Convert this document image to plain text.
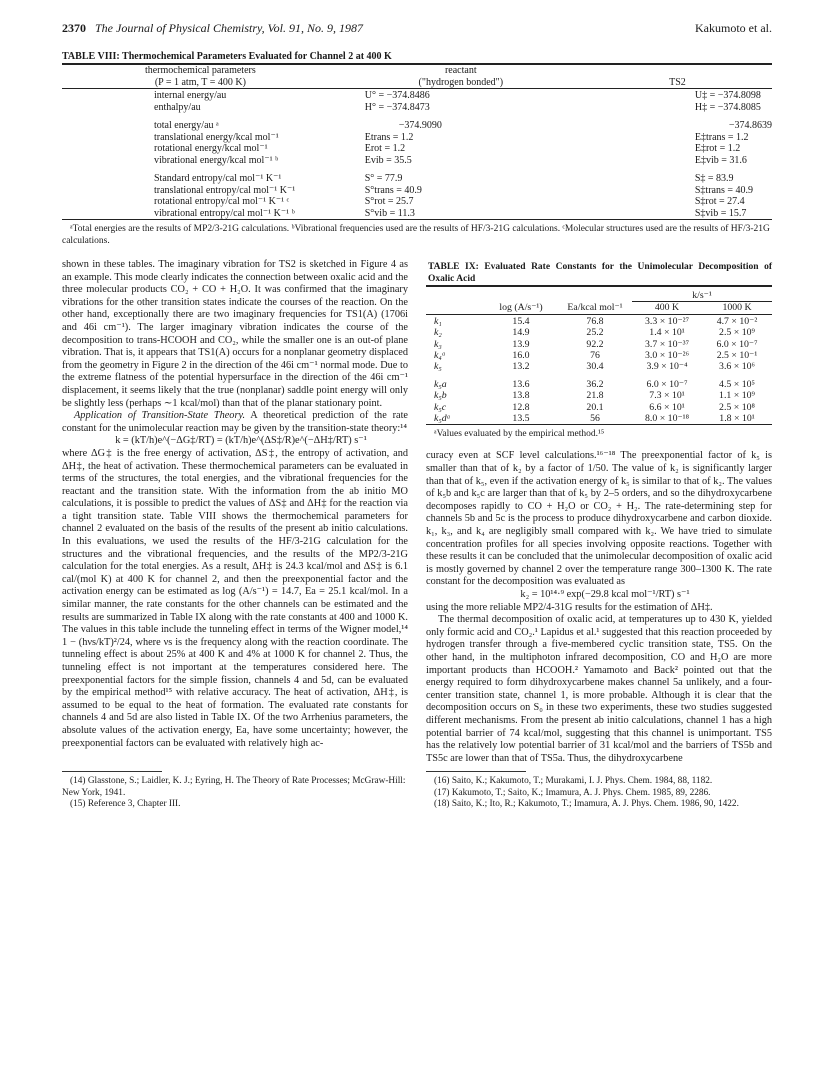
2370 The Journal of Physical Chemistry, Vol. 91, No. 9, 1987	Kakumoto et al.
TABLE VIII: Thermochemical Parameters Evaluated for Channel 2 at 400 K
thermochemical parameters	reactant	
(P = 1 atm, T = 400 K)	("hydrogen bonded")	TS2

internal energy/au	U° = −374.8486	U‡ = −374.8098
enthalpy/au	H° = −374.8473	H‡ = −374.8085

total energy/au ᵃ	−374.9090	−374.8639
translational energy/kcal mol⁻¹	Etrans = 1.2	E‡trans = 1.2
rotational energy/kcal mol⁻¹	Erot = 1.2	E‡rot = 1.2
vibrational energy/kcal mol⁻¹ ᵇ	Evib = 35.5	E‡vib = 31.6

Standard entropy/cal mol⁻¹ K⁻¹	S° = 77.9	S‡ = 83.9
translational entropy/cal mol⁻¹ K⁻¹	S°trans = 40.9	S‡trans = 40.9
rotational entropy/cal mol⁻¹ K⁻¹ ᶜ	S°rot = 25.7	S‡rot = 27.4
vibrational entropy/cal mol⁻¹ K⁻¹ ᵇ	S°vib = 11.3	S‡vib = 15.7
ᵃTotal energies are the results of MP2/3-21G calculations. ᵇVibrational frequencies used are the results of HF/3-21G calculations. ᶜMolecular structures used are the results of HF/3-21G calculations.

shown in these tables. The imaginary vibration for TS2 is sketched in Figure 4 as an example. This mode clearly indicates the connection between oxalic acid and the three molecular products CO₂ + CO + H₂O. It was confirmed that the imaginary vibrations for the other transition states indicate the courses of the reaction. On the other hand, exceptionally there are two imaginary frequencies for TS1(A) (1706i and 46i cm⁻¹). The larger imaginary vibration indicates the course of the decomposition to trans-HCOOH and CO₂, while the smaller one is an out-of plane vibration. That is, it appears that TS1(A) occurs for a nonplanar geometry displaced from the geometry in Figure 2 in the direction of the 46i cm⁻¹ normal mode. Due to the extreme flatness of the potential hypersurface in the direction of the 46i cm⁻¹ displacement, it seems likely that the true (nonplanar) saddle point energy will only be slightly less (perhaps ∼1 kcal/mol) than that of the planar stationary point.

Application of Transition-State Theory. A theoretical prediction of the rate constant for the unimolecular reaction may be given by the transition-state theory:¹⁴

k = (kT/h)e^(−ΔG‡/RT) = (kT/h)e^(ΔS‡/R)e^(−ΔH‡/RT) s⁻¹

where ΔG‡ is the free energy of activation, ΔS‡, the entropy of activation, and ΔH‡, the heat of activation. These thermochemical parameters can be evaluated in terms of the structures, the total energies, and the vibrational frequencies for the reactant and the transition state. With the information from the ab initio MO calculations, it is possible to predict the values of ΔS‡ and ΔH‡ for the reaction via a tight transition state. Table VIII shows the thermochemical parameters for channel 2 evaluated on the basis of the results of the present ab initio calculations. In this evaluations, we used the results of the HF/3-21G calculation for the structures and the vibrational frequencies, and the results of the MP2/3-21G calculation for the total energies. As a result, ΔH‡ is 24.3 kcal/mol and ΔS‡ is 6.1 cal/(mol K) at 400 K for channel 2, and then the preexponential factor and the activation energy can be estimated as log (A/s⁻¹) = 14.7, Ea = 25.1 kcal/mol. In a similar manner, the rate constants for the other channels can be estimated and the results are summarized in Table IX along with the rate constants at 400 and 1000 K. The values in this table include the tunneling effect in terms of the Wigner model,¹⁴ 1 − (hνs/kT)²/24, where νs is the frequency along with the reaction coordinate. The tunneling effect is about 25% at 400 K and 4% at 1000 K for channel 2. Thus, the tunneling effect is not important at the temperatures considered here. The preexponential factors for the simple fission, channels 4 and 5d, can be evaluated by the empirical method¹⁵ with relative accuracy. The heat of activation, ΔH‡, is assumed to be equal to the heat of formation. The evaluated rate constants for channels 4 and 5d are also listed in Table IX. Of the two Arrhenius parameters, the absolute values of the activation energy, Ea, have some uncertainty; however, the preexponential factors can be evaluated with relatively high ac-

TABLE IX: Evaluated Rate Constants for the Unimolecular Decomposition of Oxalic Acid
			k/s⁻¹	
	log (A/s⁻¹)	Ea/kcal mol⁻¹	400 K	1000 K

k₁	15.4	76.8	3.3 × 10⁻²⁷	4.7 × 10⁻²
k₂	14.9	25.2	1.4 × 10¹	2.5 × 10⁹
k₃	13.9	92.2	3.7 × 10⁻³⁷	6.0 × 10⁻⁷
k₄ᵃ	16.0	76	3.0 × 10⁻²⁶	2.5 × 10⁻¹
k₅	13.2	30.4	3.9 × 10⁻⁴	3.6 × 10⁶

k₅a	13.6	36.2	6.0 × 10⁻⁷	4.5 × 10⁵
k₅b	13.8	21.8	7.3 × 10¹	1.1 × 10⁹
k₅c	12.8	20.1	6.6 × 10¹	2.5 × 10⁸
k₅dᵃ	13.5	56	8.0 × 10⁻¹⁸	1.8 × 10¹
ᵃValues evaluated by the empirical method.¹⁵

curacy even at SCF level calculations.¹⁶⁻¹⁸ The preexponential factor of k₅ is smaller than that of k₂ by a factor of 1/50. The value of k₂ is significantly larger than that of k₅, even if the activation energy of k₅ is similar to that of k₂. The values of k₅b and k₅c are larger than that of k₅ by 2–5 orders, and so the dihydroxycarbene decomposes rapidly to CO + H₂O or CO₂ + H₂. The rate-determining step for channels 5b and 5c is the process to produce dihydroxycarbene and carbon dioxide. k₁, k₃, and k₄ are negligibly small compared with k₂. We have tried to simulate concentration profiles for all species involving opposite reactions. Together with these results it can be concluded that the unimolecular decomposition of oxalic acid is mostly governed by channel 2 over the temperature range 300–1300 K. The rate constant for the decomposition was evaluated as

k₂ = 10¹⁴·⁹ exp(−29.8 kcal mol⁻¹/RT) s⁻¹

using the more reliable MP2/4-31G results for the estimation of ΔH‡.

The thermal decomposition of oxalic acid, at temperatures up to 430 K, yielded only formic acid and CO₂.¹ Lapidus et al.¹ suggested that this reaction proceeded by hydrogen transfer through a five-membered cyclic transition state, TS5. On the other hand, in the multiphoton infrared decomposition, CO and H₂O are more important products than HCOOH.² Yamamoto and Back² pointed out that the energy required to form dihydroxycarbene makes channel 5a unlikely, and a four-center transition state, channel 1, is more probable. Although it is clear that the decomposition occurs on S₀ in these two experiments, these two studies suggested different mechanisms. From the present ab initio calculations, channel 1 has a high potential barrier of 74 kcal/mol, suggesting that this channel is unimportant. TS5 has the relatively low potential barrier of 31 kcal/mol and the barriers of TS5b and TS5c are lower than that of TS5a. Thus, the dihydroxycarbene

(14) Glasstone, S.; Laidler, K. J.; Eyring, H. The Theory of Rate Processes; McGraw-Hill: New York, 1941.
(15) Reference 3, Chapter III.
(16) Saito, K.; Kakumoto, T.; Murakami, I. J. Phys. Chem. 1984, 88, 1182.
(17) Kakumoto, T.; Saito, K.; Imamura, A. J. Phys. Chem. 1985, 89, 2286.
(18) Saito, K.; Ito, R.; Kakumoto, T.; Imamura, A. J. Phys. Chem. 1986, 90, 1422.
